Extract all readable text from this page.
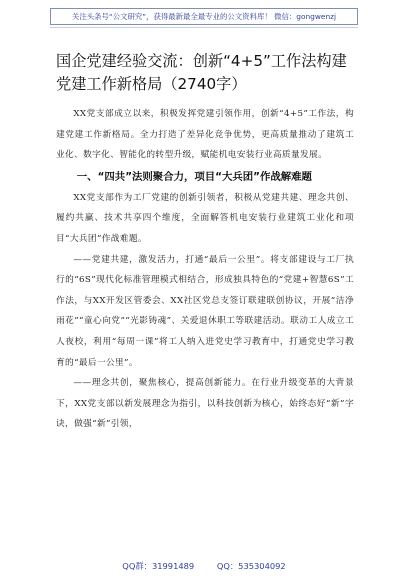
关注头条号“公文研究”，获得最新最全最专业的公文资料库！ 微信：gongwenzj
国企党建经验交流：创新“4+5”工作法构建党建工作新格局（2740字）

XX党支部成立以来，积极发挥党建引领作用，创新“4+5”工作法，构建党建工作新格局。全力打造了差异化竞争优势，更高质量推动了建筑工业化、数字化、智能化的转型升级，赋能机电安装行业高质量发展。

一、“四共”法则聚合力，项目“大兵团”作战解难题

XX党支部作为工厂党建的创新引领者，积极从党建共建、理念共创、履约共赢、技术共享四个维度，全面解答机电安装行业建筑工业化和项目“大兵团”作战难题。

——党建共建，激发活力，打通“最后一公里”。将支部建设与工厂执行的“6S”现代化标准管理模式相结合，形成独具特色的“党建+智慧6S”工作法，与XX开发区管委会、XX社区党总支签订联建联创协议，开展“洁净雨花”“童心向党”“光影铸魂”、关爱退休职工等联建活动。联动工人成立工人夜校，利用“每周一课”将工人纳入进党史学习教育中，打通党史学习教育的“最后一公里”。

——理念共创，聚焦核心，提高创新能力。在行业升级变革的大背景下，XX党支部以新发展理念为指引，以科技创新为核心，始终态好“新”字诀，做强“新”引领，

QQ群：31991489	QQ：535304092
